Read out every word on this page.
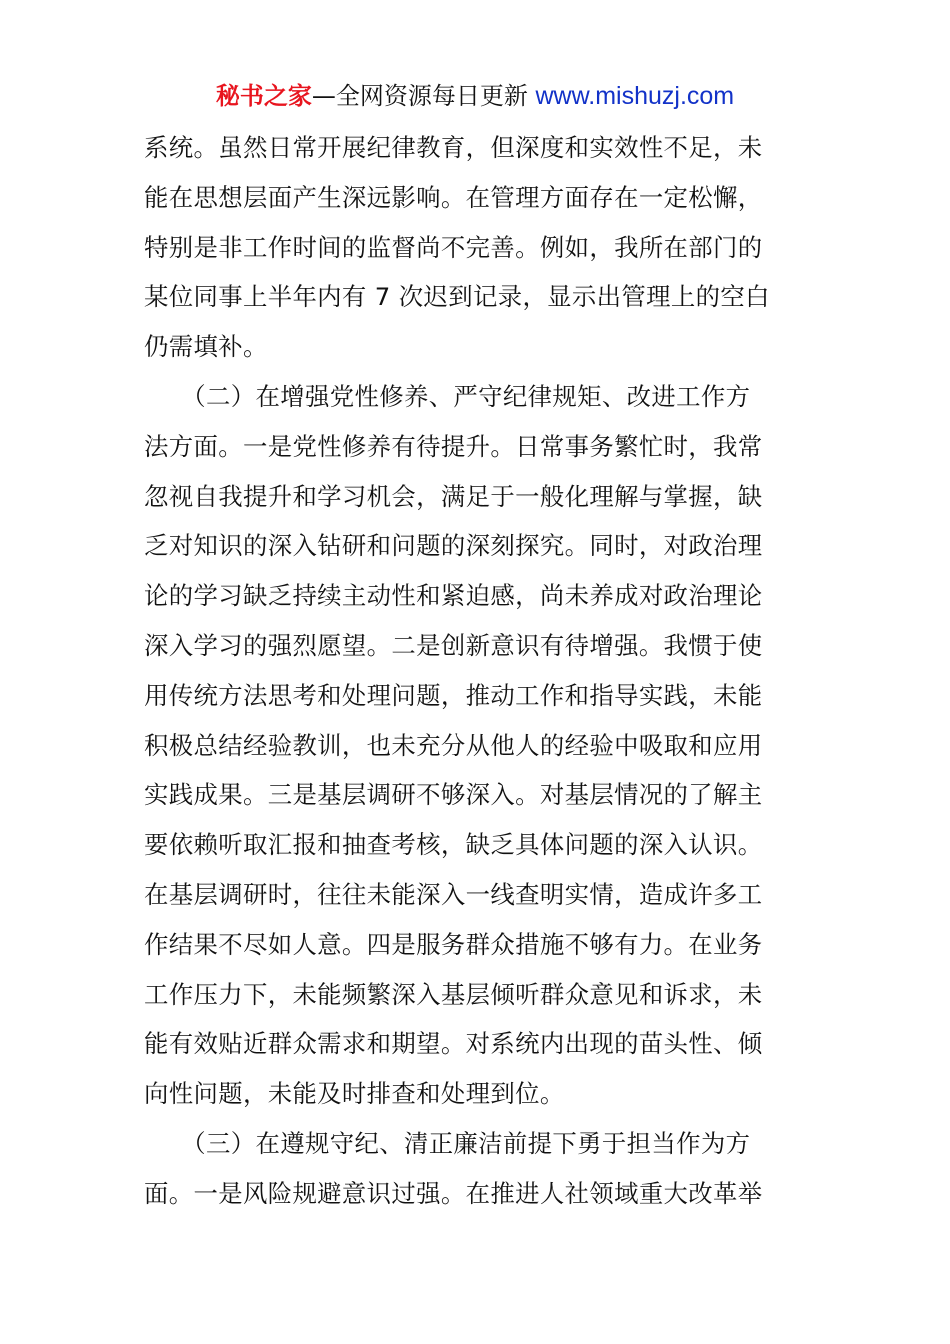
秘书之家—全网资源每日更新 www.mishuzj.com
系统。虽然日常开展纪律教育，但深度和实效性不足，未
能在思想层面产生深远影响。在管理方面存在一定松懈，
特别是非工作时间的监督尚不完善。例如，我所在部门的
某位同事上半年内有 7 次迟到记录，显示出管理上的空白
仍需填补。
　　（二）在增强党性修养、严守纪律规矩、改进工作方
法方面。一是党性修养有待提升。日常事务繁忙时，我常
忽视自我提升和学习机会，满足于一般化理解与掌握，缺
乏对知识的深入钻研和问题的深刻探究。同时，对政治理
论的学习缺乏持续主动性和紧迫感，尚未养成对政治理论
深入学习的强烈愿望。二是创新意识有待增强。我惯于使
用传统方法思考和处理问题，推动工作和指导实践，未能
积极总结经验教训，也未充分从他人的经验中吸取和应用
实践成果。三是基层调研不够深入。对基层情况的了解主
要依赖听取汇报和抽查考核，缺乏具体问题的深入认识。
在基层调研时，往往未能深入一线查明实情，造成许多工
作结果不尽如人意。四是服务群众措施不够有力。在业务
工作压力下，未能频繁深入基层倾听群众意见和诉求，未
能有效贴近群众需求和期望。对系统内出现的苗头性、倾
向性问题，未能及时排查和处理到位。
　　（三）在遵规守纪、清正廉洁前提下勇于担当作为方
面。一是风险规避意识过强。在推进人社领域重大改革举
